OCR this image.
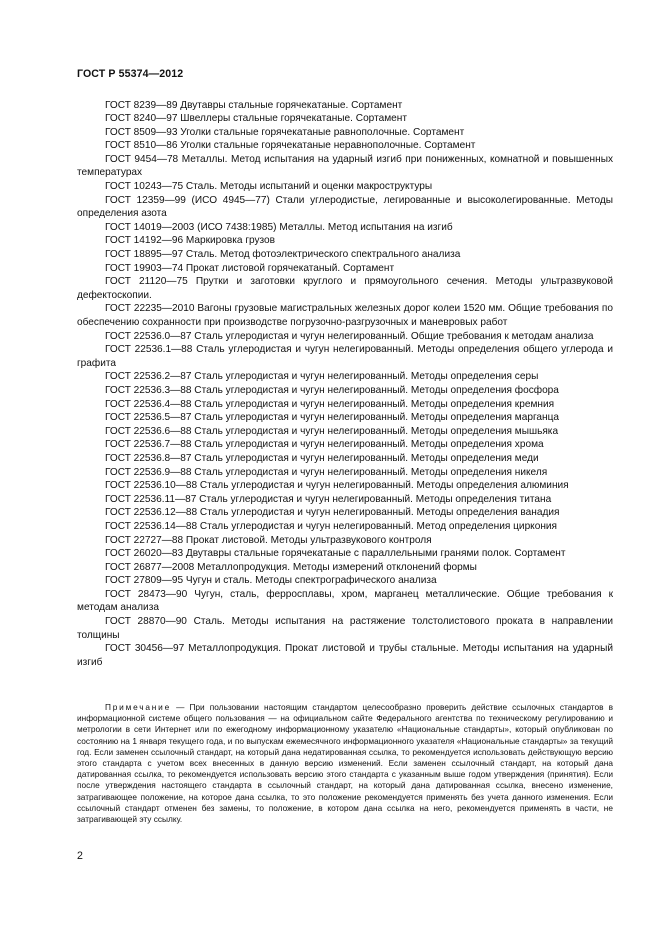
ГОСТ Р 55374—2012
ГОСТ 8239—89 Двутавры стальные горячекатаные. Сортамент
ГОСТ 8240—97 Швеллеры стальные горячекатаные. Сортамент
ГОСТ 8509—93 Уголки стальные горячекатаные равнополочные. Сортамент
ГОСТ 8510—86 Уголки стальные горячекатаные неравнополочные. Сортамент
ГОСТ 9454—78 Металлы. Метод испытания на ударный изгиб при пониженных, комнатной и повышенных температурах
ГОСТ 10243—75 Сталь. Методы испытаний и оценки макроструктуры
ГОСТ 12359—99 (ИСО 4945—77) Стали углеродистые, легированные и высоколегированные. Методы определения азота
ГОСТ 14019—2003 (ИСО 7438:1985) Металлы. Метод испытания на изгиб
ГОСТ 14192—96 Маркировка грузов
ГОСТ 18895—97 Сталь. Метод фотоэлектрического спектрального анализа
ГОСТ 19903—74 Прокат листовой горячекатаный. Сортамент
ГОСТ 21120—75 Прутки и заготовки круглого и прямоугольного сечения. Методы ультразвуковой дефектоскопии.
ГОСТ 22235—2010 Вагоны грузовые магистральных железных дорог колеи 1520 мм. Общие требования по обеспечению сохранности при производстве погрузочно-разгрузочных и маневровых работ
ГОСТ 22536.0—87 Сталь углеродистая и чугун нелегированный. Общие требования к методам анализа
ГОСТ 22536.1—88 Сталь углеродистая и чугун нелегированный. Методы определения общего углерода и графита
ГОСТ 22536.2—87 Сталь углеродистая и чугун нелегированный. Методы определения серы
ГОСТ 22536.3—88 Сталь углеродистая и чугун нелегированный. Методы определения фосфора
ГОСТ 22536.4—88 Сталь углеродистая и чугун нелегированный. Методы определения кремния
ГОСТ 22536.5—87 Сталь углеродистая и чугун нелегированный. Методы определения марганца
ГОСТ 22536.6—88 Сталь углеродистая и чугун нелегированный. Методы определения мышьяка
ГОСТ 22536.7—88 Сталь углеродистая и чугун нелегированный. Методы определения хрома
ГОСТ 22536.8—87 Сталь углеродистая и чугун нелегированный. Методы определения меди
ГОСТ 22536.9—88 Сталь углеродистая и чугун нелегированный. Методы определения никеля
ГОСТ 22536.10—88 Сталь углеродистая и чугун нелегированный. Методы определения алюминия
ГОСТ 22536.11—87 Сталь углеродистая и чугун нелегированный. Методы определения титана
ГОСТ 22536.12—88 Сталь углеродистая и чугун нелегированный. Методы определения ванадия
ГОСТ 22536.14—88 Сталь углеродистая и чугун нелегированный. Метод определения циркония
ГОСТ 22727—88 Прокат листовой. Методы ультразвукового контроля
ГОСТ 26020—83 Двутавры стальные горячекатаные с параллельными гранями полок. Сортамент
ГОСТ 26877—2008 Металлопродукция. Методы измерений отклонений формы
ГОСТ 27809—95 Чугун и сталь. Методы спектрографического анализа
ГОСТ 28473—90 Чугун, сталь, ферросплавы, хром, марганец металлические. Общие требования к методам анализа
ГОСТ 28870—90 Сталь. Методы испытания на растяжение толстолистового проката в направлении толщины
ГОСТ 30456—97 Металлопродукция. Прокат листовой и трубы стальные. Методы испытания на ударный изгиб
Примечание — При пользовании настоящим стандартом целесообразно проверить действие ссылочных стандартов в информационной системе общего пользования — на официальном сайте Федерального агентства по техническому регулированию и метрологии в сети Интернет или по ежегодному информационному указателю «Национальные стандарты», который опубликован по состоянию на 1 января текущего года, и по выпускам ежемесячного информационного указателя «Национальные стандарты» за текущий год. Если заменен ссылочный стандарт, на который дана недатированная ссылка, то рекомендуется использовать действующую версию этого стандарта с учетом всех внесенных в данную версию изменений. Если заменен ссылочный стандарт, на который дана датированная ссылка, то рекомендуется использовать версию этого стандарта с указанным выше годом утверждения (принятия). Если после утверждения настоящего стандарта в ссылочный стандарт, на который дана датированная ссылка, внесено изменение, затрагивающее положение, на которое дана ссылка, то это положение рекомендуется применять без учета данного изменения. Если ссылочный стандарт отменен без замены, то положение, в котором дана ссылка на него, рекомендуется применять в части, не затрагивающей эту ссылку.
2
